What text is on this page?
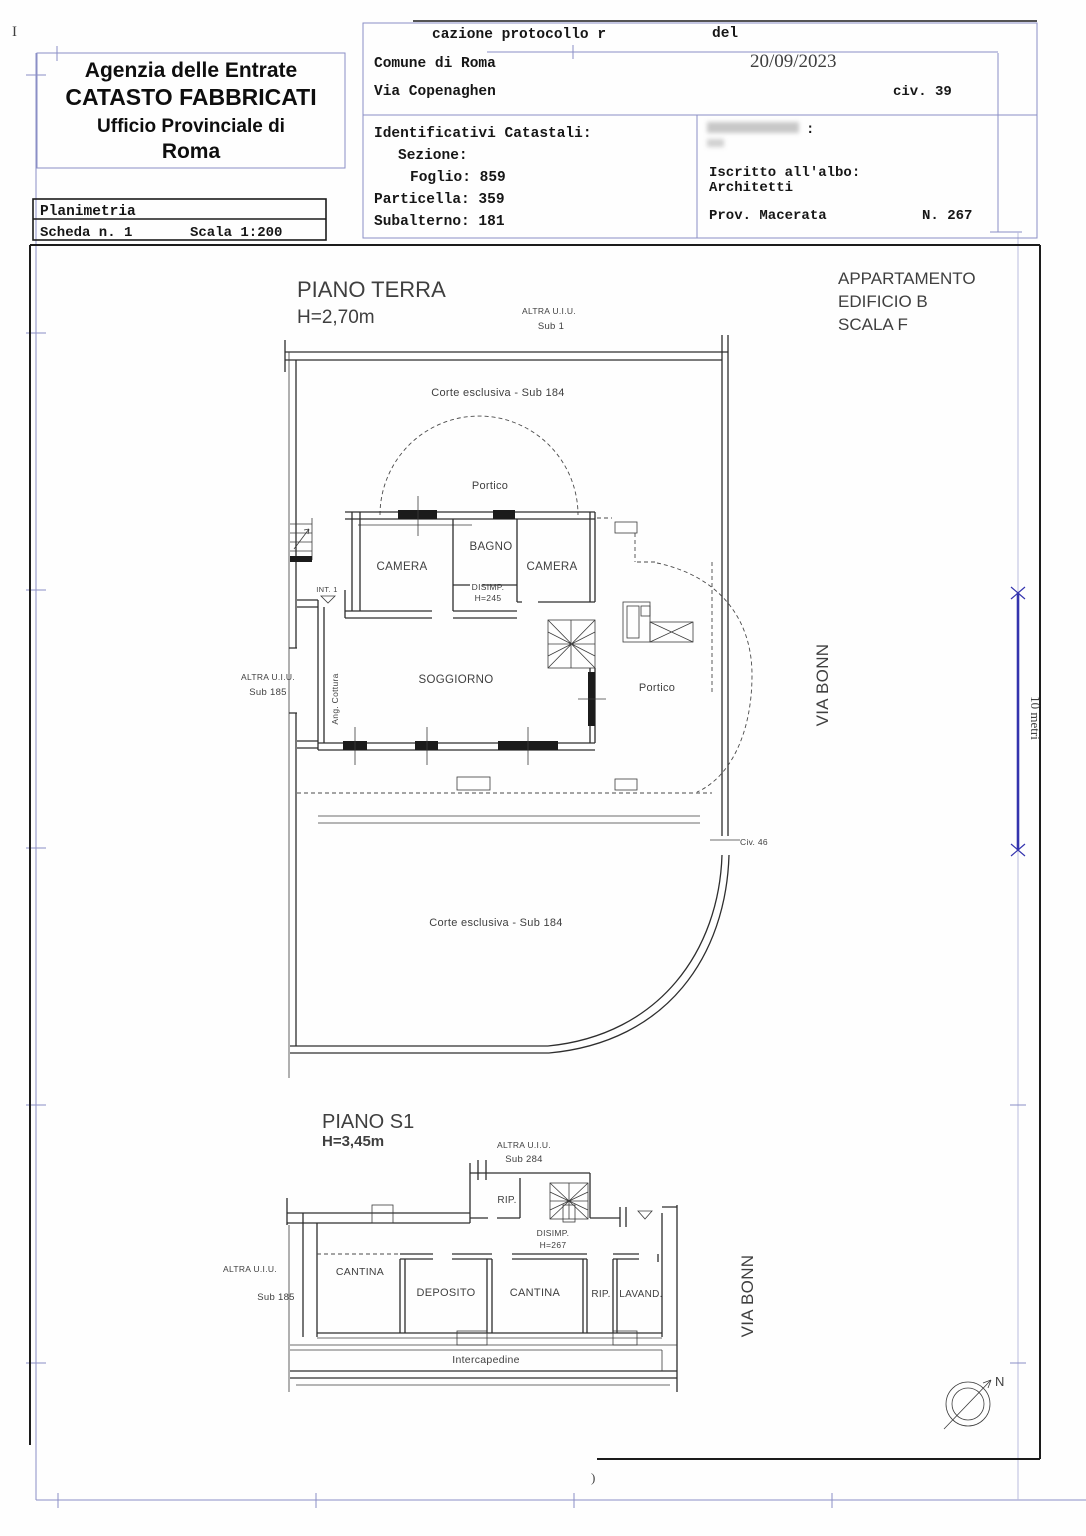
I	cazione protocollo r	del
20/09/2023
Agenzia delle Entrate
CATASTO FABBRICATI
Ufficio Provinciale di
Roma
Planimetria
Scheda n. 1	Scala 1:200
Comune di Roma
Via Copenaghen	civ. 39
Identificativi Catastali:
Sezione:
Foglio: 859
Particella: 359
Subalterno: 181
:
Iscritto all'albo:
Architetti
Prov. Macerata	N. 267
PIANO TERRA
H=2,70m
APPARTAMENTO
EDIFICIO B
SCALA F
ALTRA U.I.U.
Sub 1
Corte esclusiva - Sub 184
Portico
CAMERA
BAGNO
CAMERA
DISIMP.
H=245
INT. 1
SOGGIORNO
Ang. Cottura
ALTRA U.I.U.
Sub 185	Portico
Corte esclusiva - Sub 184
Civ. 46
VIA BONN
PIANO S1
H=3,45m	ALTRA U.I.U.
Sub 284
RIP.
DISIMP.
H=267
CANTINA
DEPOSITO	CANTINA	RIP. LAVAND.
Intercapedine
ALTRA U.I.U.
Sub 185	VIA BONN
10 metri
N
)
